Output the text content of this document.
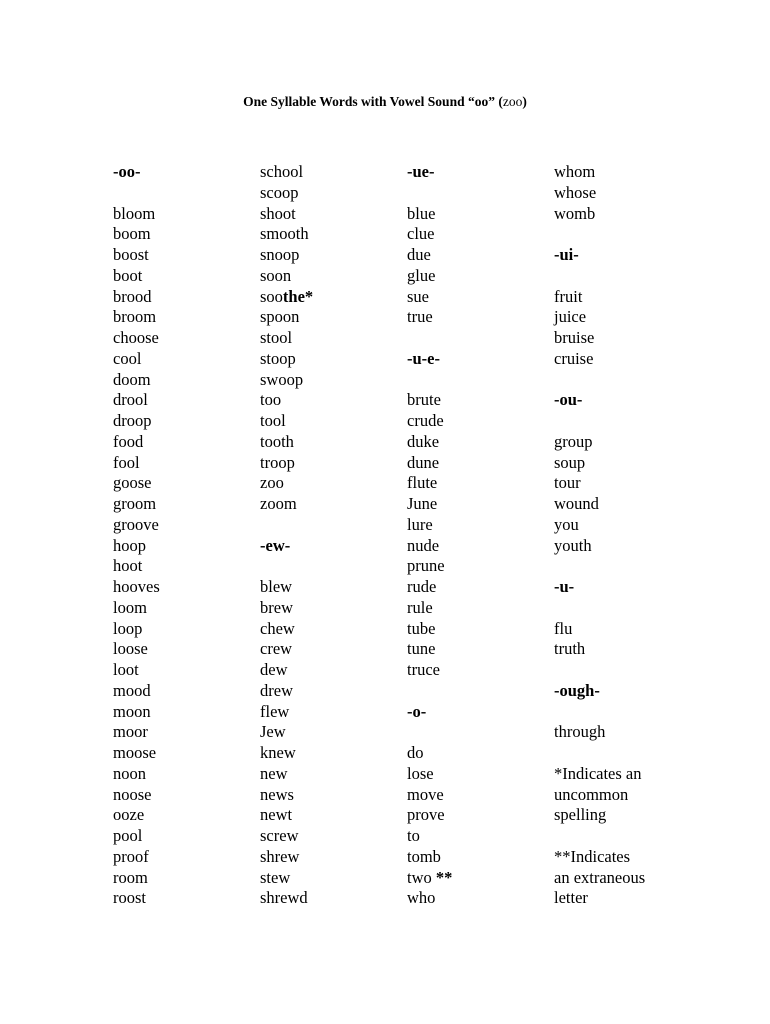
One Syllable Words with Vowel Sound “oo” (zoo)
-oo-
bloom
boom
boost
boot
brood
broom
choose
cool
doom
drool
droop
food
fool
goose
groom
groove
hoop
hoot
hooves
loom
loop
loose
loot
mood
moon
moor
moose
noon
noose
ooze
pool
proof
room
roost
school
scoop
shoot
smooth
snoop
soon
soothe*
spoon
stool
stoop
swoop
too
tool
tooth
troop
zoo
zoom
-ew-
blew
brew
chew
crew
dew
drew
flew
Jew
knew
new
news
newt
screw
shrew
stew
shrewd
-ue-
blue
clue
due
glue
sue
true
-u-e-
brute
crude
duke
dune
flute
June
lure
nude
prune
rude
rule
tube
tune
truce
-o-
do
lose
move
prove
to
tomb
two **
who
whom
whose
womb
-ui-
fruit
juice
bruise
cruise
-ou-
group
soup
tour
wound
you
youth
-u-
flu
truth
-ough-
through
*Indicates an
uncommon
spelling
**Indicates
an extraneous
letter
